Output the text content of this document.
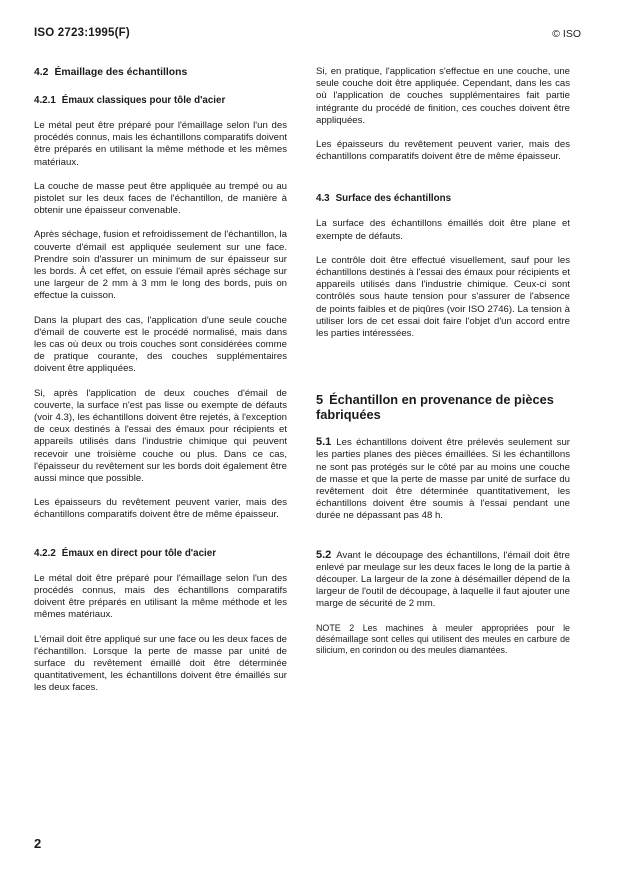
ISO 2723:1995(F)	© ISO
4.2 Émaillage des échantillons
4.2.1 Émaux classiques pour tôle d'acier

Le métal peut être préparé pour l'émaillage selon l'un des procédés connus, mais les échantillons comparatifs doivent être préparés en utilisant la même méthode et les mêmes matériaux.

La couche de masse peut être appliquée au trempé ou au pistolet sur les deux faces de l'échantillon, de manière à obtenir une épaisseur convenable.

Après séchage, fusion et refroidissement de l'échantillon, la couverte d'émail est appliquée seulement sur une face. Prendre soin d'assurer un minimum de sur épaisseur sur les bords. À cet effet, on essuie l'émail après séchage sur une largeur de 2 mm à 3 mm le long des bords, puis on effectue la cuisson.

Dans la plupart des cas, l'application d'une seule couche d'émail de couverte est le procédé normalisé, mais dans les cas où deux ou trois couches sont considérées comme de pratique courante, des couches supplémentaires doivent être appliquées.

Si, après l'application de deux couches d'émail de couverte, la surface n'est pas lisse ou exempte de défauts (voir 4.3), les échantillons doivent être rejetés, à l'exception de ceux destinés à l'essai des émaux pour récipients et appareils utilisés dans l'industrie chimique qui peuvent recevoir une troisième couche ou plus. Dans ce cas, l'épaisseur du revêtement sur les bords doit également être aussi mince que possible.

Les épaisseurs du revêtement peuvent varier, mais des échantillons comparatifs doivent être de même épaisseur.

4.2.2 Émaux en direct pour tôle d'acier

Le métal doit être préparé pour l'émaillage selon l'un des procédés connus, mais des échantillons comparatifs doivent être préparés en utilisant la même méthode et les mêmes matériaux.

L'émail doit être appliqué sur une face ou les deux faces de l'échantillon. Lorsque la perte de masse par unité de surface du revêtement émaillé doit être déterminée quantitativement, les échantillons doivent être émaillés sur les deux faces.

Si, en pratique, l'application s'effectue en une couche, une seule couche doit être appliquée. Cependant, dans les cas où l'application de couches supplémentaires fait partie intégrante du procédé de finition, ces couches doivent être appliquées.

Les épaisseurs du revêtement peuvent varier, mais des échantillons comparatifs doivent être de même épaisseur.

4.3 Surface des échantillons

La surface des échantillons émaillés doit être plane et exempte de défauts.

Le contrôle doit être effectué visuellement, sauf pour les échantillons destinés à l'essai des émaux pour récipients et appareils utilisés dans l'industrie chimique. Ceux-ci sont contrôlés sous haute tension pour s'assurer de l'absence de points faibles et de piqûres (voir ISO 2746). La tension à utiliser lors de cet essai doit faire l'objet d'un accord entre les parties intéressées.

5 Échantillon en provenance de pièces fabriquées

5.1 Les échantillons doivent être prélevés seulement sur les parties planes des pièces émaillées. Si les échantillons ne sont pas protégés sur le côté par au moins une couche de masse et que la perte de masse par unité de surface du revêtement doit être déterminée quantitativement, les échantillons doivent être soumis à l'essai pendant une durée ne dépassant pas 48 h.

5.2 Avant le découpage des échantillons, l'émail doit être enlevé par meulage sur les deux faces le long de la partie à découper. La largeur de la zone à désémailler dépend de la largeur de l'outil de découpage, à laquelle il faut ajouter une marge de sécurité de 2 mm.

NOTE 2 Les machines à meuler appropriées pour le désémaillage sont celles qui utilisent des meules en carbure de silicium, en corindon ou des meules diamantées.

2
